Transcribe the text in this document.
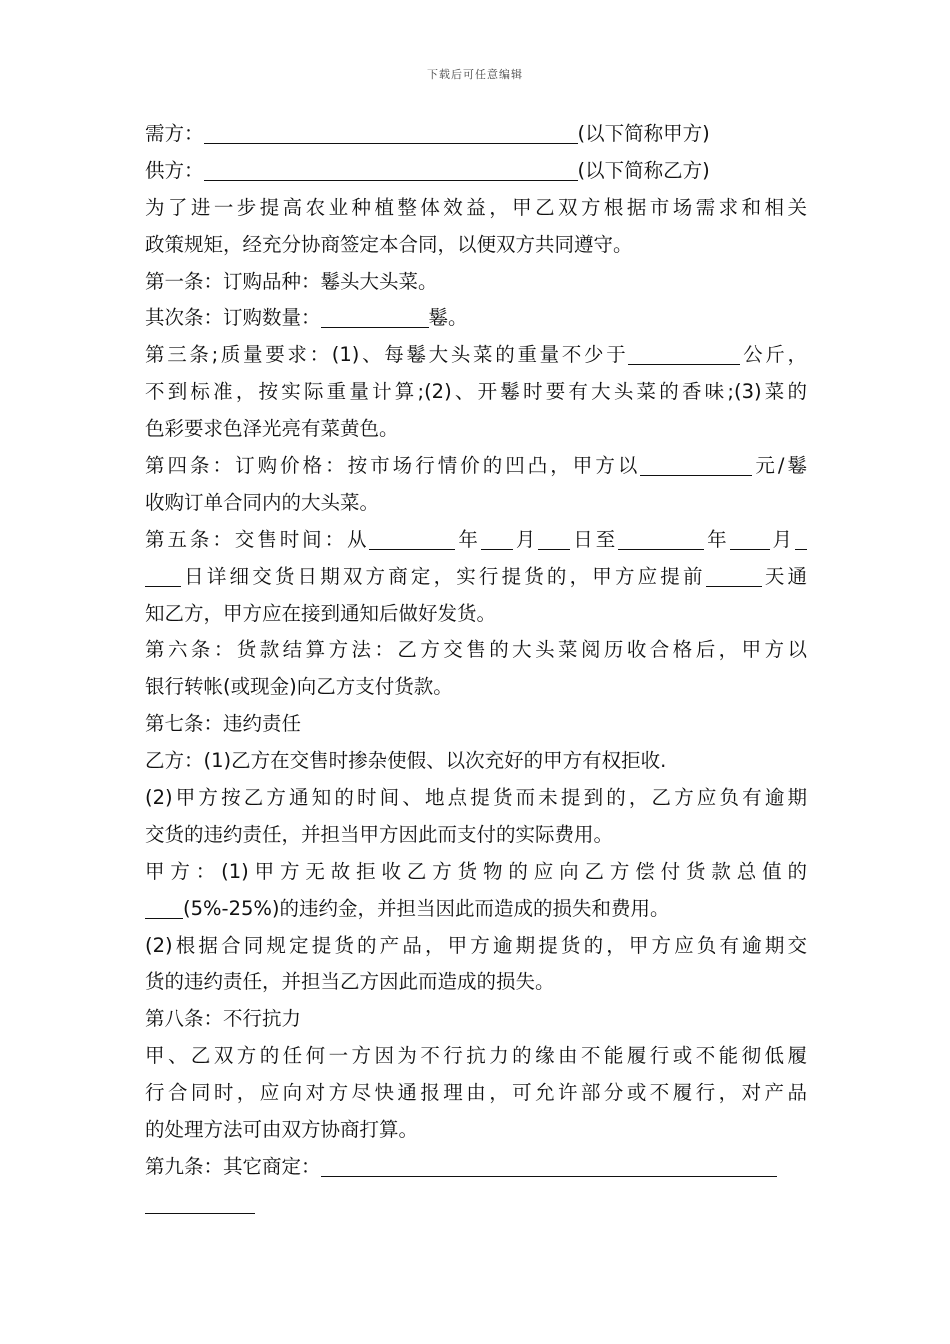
下载后可任意编辑
需方：	(以下简称甲方)
供方：	(以下简称乙方)
为了进一步提高农业种植整体效益，甲乙双方根据市场需求和相关
政策规矩，经充分协商签定本合同，以便双方共同遵守。
第一条：订购品种：鬈头大头菜。
其次条：订购数量：	鬈。
第三条;质量要求：(1)、每鬈大头菜的重量不少于	公斤，
不到标准，按实际重量计算;(2)、开鬈时要有大头菜的香味;(3)菜的
色彩要求色泽光亮有菜黄色。
第四条：订购价格：按市场行情价的凹凸，甲方以	元/鬈
收购订单合同内的大头菜。
第五条：交售时间：从	年 月 日至	年 月
日详细交货日期双方商定，实行提货的，甲方应提前	天通
知乙方，甲方应在接到通知后做好发货。
第六条：货款结算方法：乙方交售的大头菜阅历收合格后，甲方以
银行转帐(或现金)向乙方支付货款。
第七条：违约责任
乙方：(1)乙方在交售时掺杂使假、以次充好的甲方有权拒收.
(2)甲方按乙方通知的时间、地点提货而未提到的，乙方应负有逾期
交货的违约责任，并担当甲方因此而支付的实际费用。
甲方：(1)甲方无故拒收乙方货物的应向乙方偿付货款总值的
(5%-25%)的违约金，并担当因此而造成的损失和费用。
(2)根据合同规定提货的产品，甲方逾期提货的，甲方应负有逾期交
货的违约责任，并担当乙方因此而造成的损失。
第八条：不行抗力
甲、乙双方的任何一方因为不行抗力的缘由不能履行或不能彻低履
行合同时，应向对方尽快通报理由，可允许部分或不履行，对产品
的处理方法可由双方协商打算。
第九条：其它商定：
